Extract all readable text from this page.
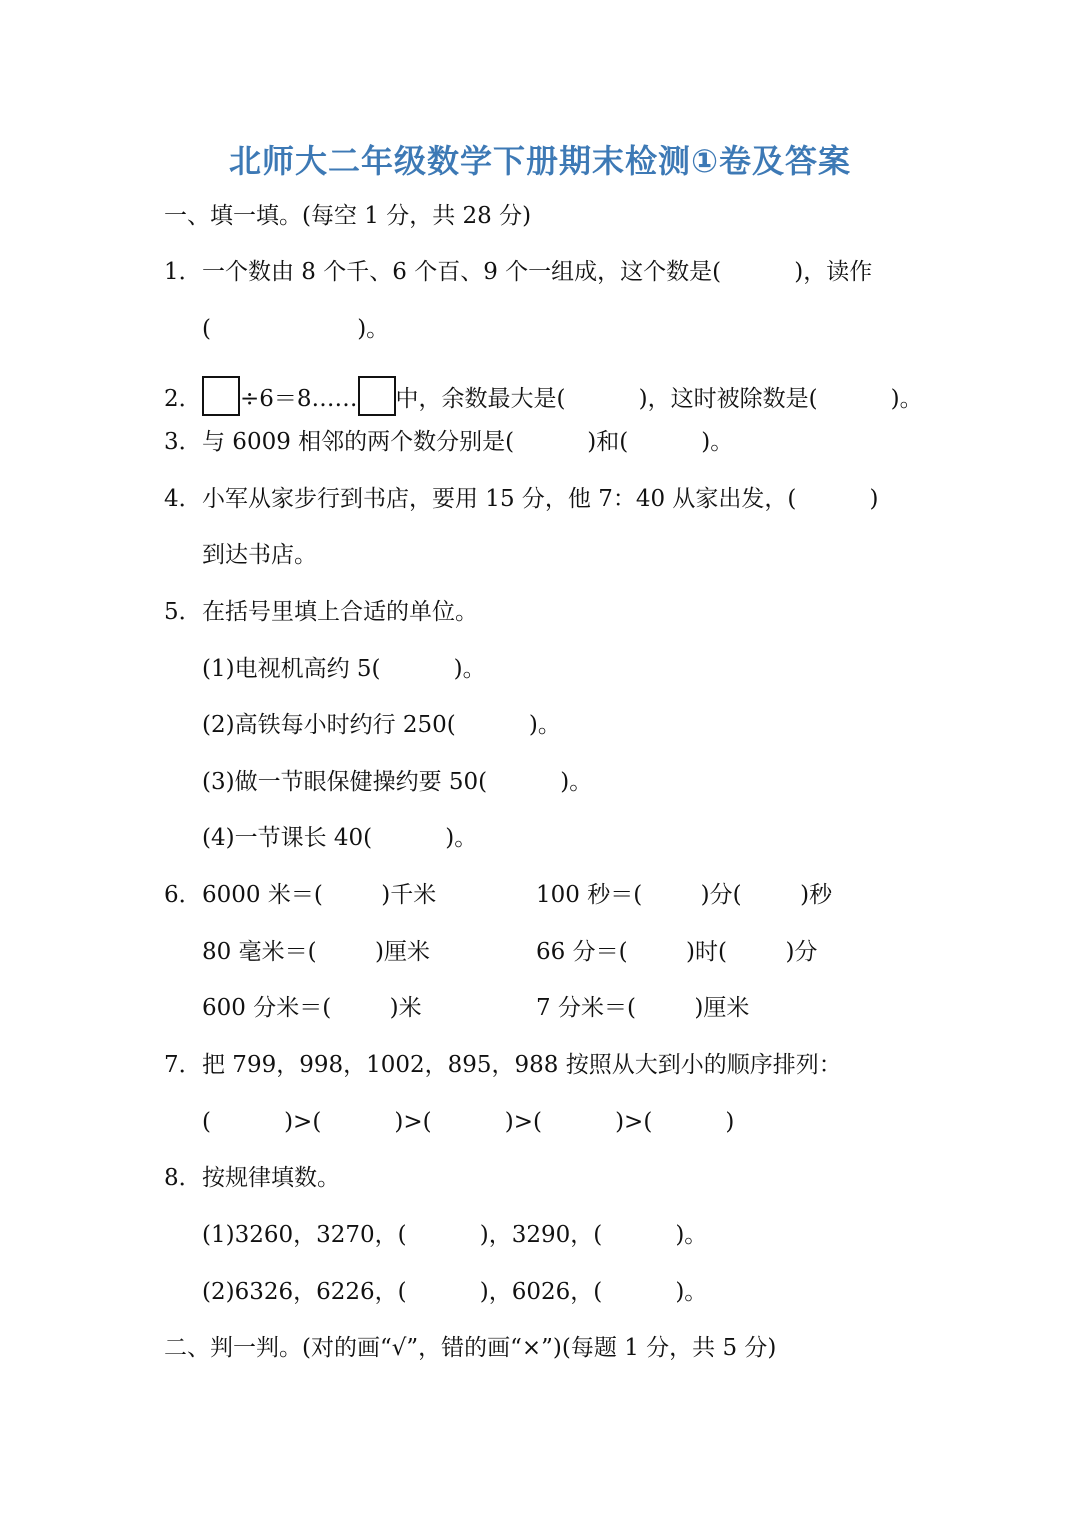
北师大二年级数学下册期末检测①卷及答案
一、填一填。(每空 1 分，共 28 分)
1．一个数由 8 个千、6 个百、9 个一组成，这个数是(          )，读作
(                    )。
2． ÷6＝8…… 中，余数最大是(          )，这时被除数是(          )。
3．与 6009 相邻的两个数分别是(          )和(          )。
4．小军从家步行到书店，要用 15 分，他 7：40 从家出发，(          )
到达书店。
5．在括号里填上合适的单位。
(1)电视机高约 5(          )。
(2)高铁每小时约行 250(          )。
(3)做一节眼保健操约要 50(          )。
(4)一节课长 40(          )。
6．6000 米＝(        )千米	100 秒＝(        )分(        )秒
80 毫米＝(        )厘米	66 分＝(        )时(        )分
600 分米＝(        )米	7 分米＝(        )厘米
7．把 799，998，1002，895，988 按照从大到小的顺序排列：
(          )>(          )>(          )>(          )>(          )
8．按规律填数。
(1)3260，3270，(          )，3290，(          )。
(2)6326，6226，(          )，6026，(          )。
二、判一判。(对的画“√”，错的画“×”)(每题 1 分，共 5 分)
